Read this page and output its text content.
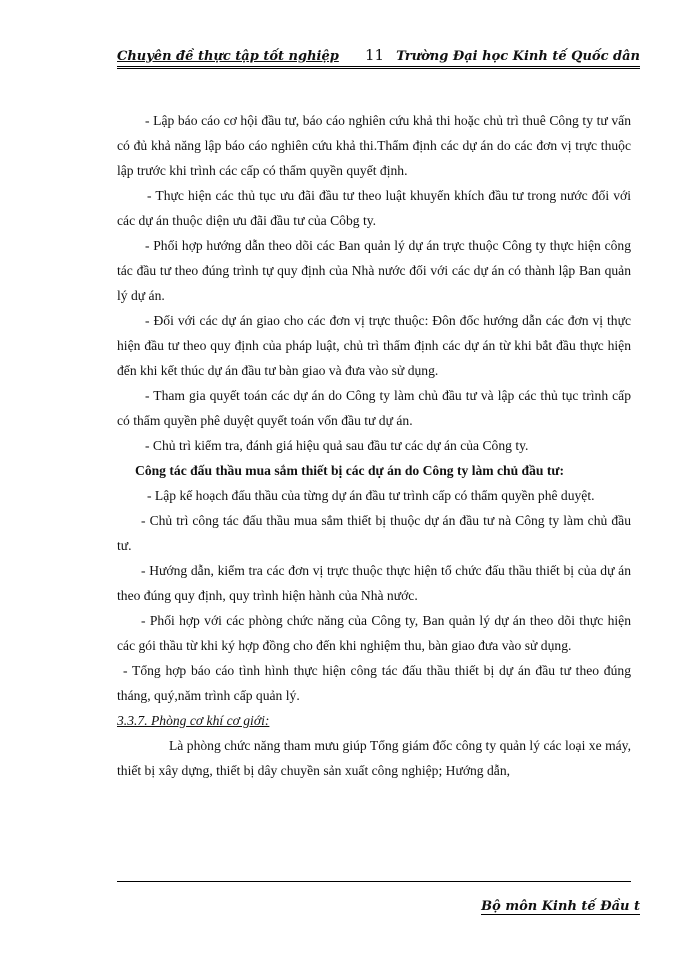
Chuyên đề thực tập tốt nghiệp 11 Trường Đại học Kinh tế Quốc dân

- Lập báo cáo cơ hội đầu tư, báo cáo nghiên cứu khả thi hoặc chủ trì thuê Công ty tư vấn có đủ khả năng lập báo cáo nghiên cứu khả thi.Thẩm định các dự án do các đơn vị trực thuộc lập trước khi trình các cấp có thẩm quyền quyết định.

- Thực hiện các thủ tục ưu đãi đầu tư theo luật khuyến khích đầu tư trong nước đối với các dự án thuộc diện ưu đãi đầu tư của Côbg ty.

- Phối hợp hướng dẫn theo dõi các Ban quản lý dự án trực thuộc Công ty thực hiện công tác đầu tư theo đúng trình tự quy định của Nhà nước đối với các dự án có thành lập Ban quản lý dự án.

- Đối với các dự án giao cho các đơn vị trực thuộc: Đôn đốc hướng dẫn các đơn vị thực hiện đầu tư theo quy định của pháp luật, chủ trì thẩm định các dự án từ khi bắt đầu thực hiện đến khi kết thúc dự án đầu tư bàn giao và đưa vào sử dụng.

- Tham gia quyết toán các dự án do Công ty làm chủ đầu tư và lập các thủ tục trình cấp có thẩm quyền phê duyệt quyết toán vốn đầu tư dự án.

- Chủ trì kiểm tra, đánh giá hiệu quả sau đầu tư các dự án của Công ty.

Công tác đấu thầu mua sắm thiết bị các dự án do Công ty làm chủ đầu tư:

- Lập kế hoạch đấu thầu của từng dự án đầu tư trình cấp có thẩm quyền phê duyệt.

- Chủ trì công tác đấu thầu mua sắm thiết bị thuộc dự án đầu tư nà Công ty làm chủ đầu tư.

- Hướng dẫn, kiểm tra các đơn vị trực thuộc thực hiện tổ chức đấu thầu thiết bị của dự án theo đúng quy định, quy trình hiện hành của Nhà nước.

- Phối hợp với các phòng chức năng của Công ty, Ban quản lý dự án theo dõi thực hiện các gói thầu từ khi ký hợp đồng cho đến khi nghiệm thu, bàn giao đưa vào sử dụng.

- Tổng hợp báo cáo tình hình thực hiện công tác đấu thầu thiết bị dự án đầu tư theo đúng tháng, quý,năm trình cấp quản lý.

3.3.7. Phòng cơ khí cơ giới:

Là phòng chức năng tham mưu giúp Tổng giám đốc công ty quản lý các loại xe máy, thiết bị xây dựng, thiết bị dây chuyền sản xuất công nghiệp; Hướng dẫn,

Bộ môn Kinh tế Đầu t
